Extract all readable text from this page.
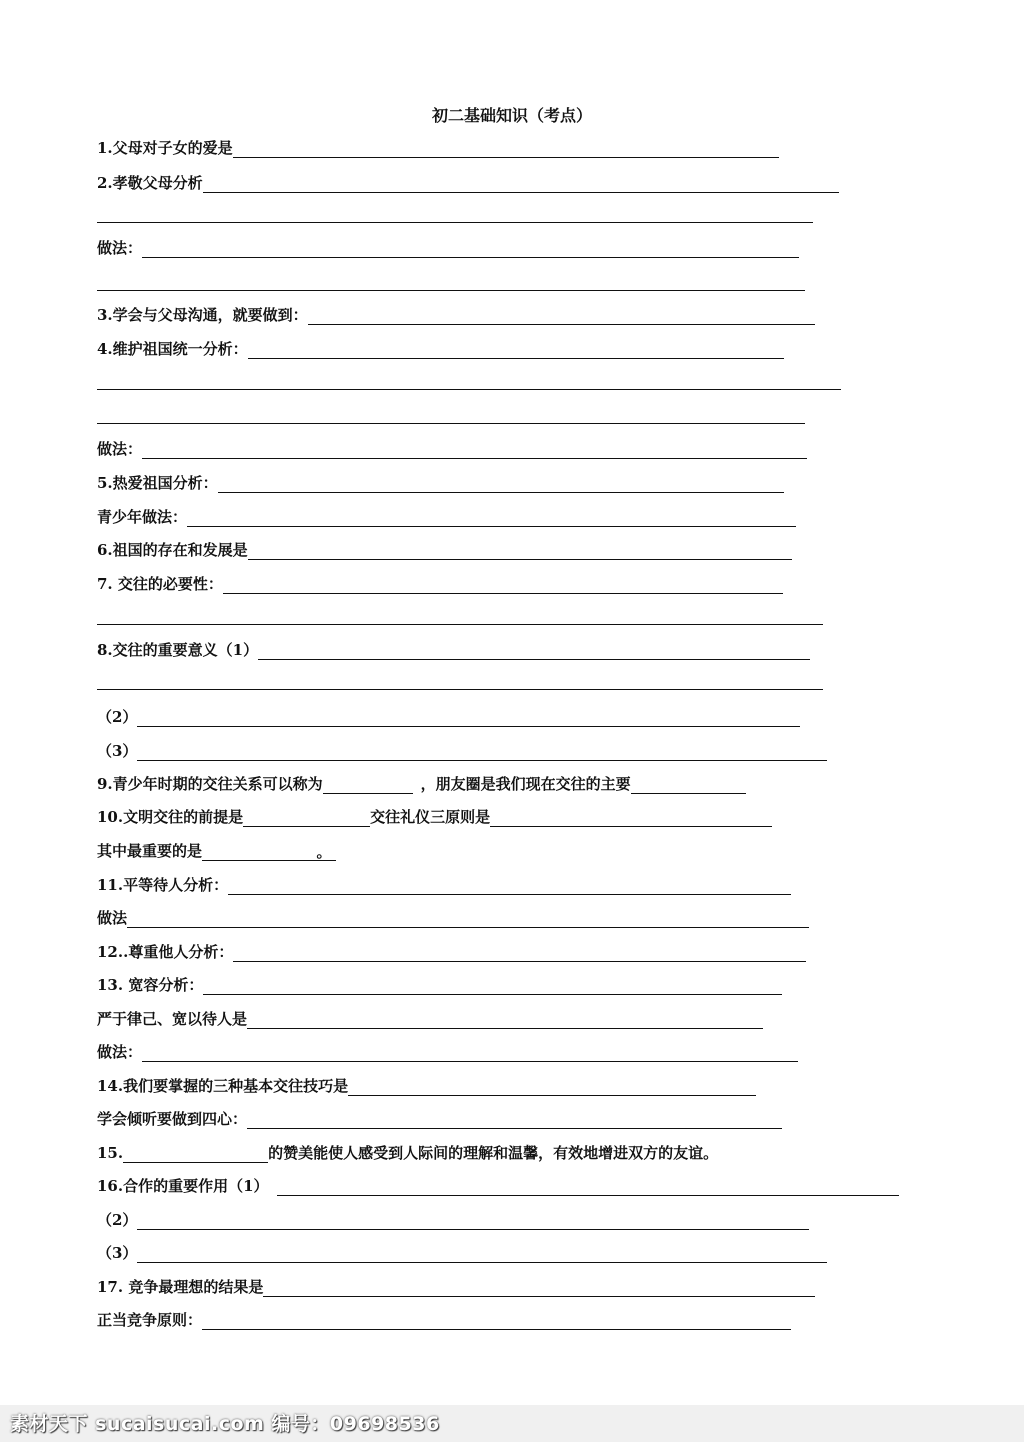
初二基础知识（考点）
1.父母对子女的爱是
2.孝敬父母分析
做法：
3.学会与父母沟通，就要做到：
4.维护祖国统一分析：
做法：
5.热爱祖国分析：
青少年做法：
6.祖国的存在和发展是
7. 交往的必要性：
8.交往的重要意义（1）
（2）
（3）
9.青少年时期的交往关系可以称为	，朋友圈是我们现在交往的主要
10.文明交往的前提是	交往礼仪三原则是
其中最重要的是	。
11.平等待人分析：
做法
12..尊重他人分析：
13. 宽容分析：
严于律己、宽以待人是
做法：
14.我们要掌握的三种基本交往技巧是
学会倾听要做到四心：
15.	的赞美能使人感受到人际间的理解和温馨，有效地增进双方的友谊。
16.合作的重要作用（1）
（2）
（3）
17. 竞争最理想的结果是
正当竞争原则：
素材天下 sucaisucai.com 编号：09698536
